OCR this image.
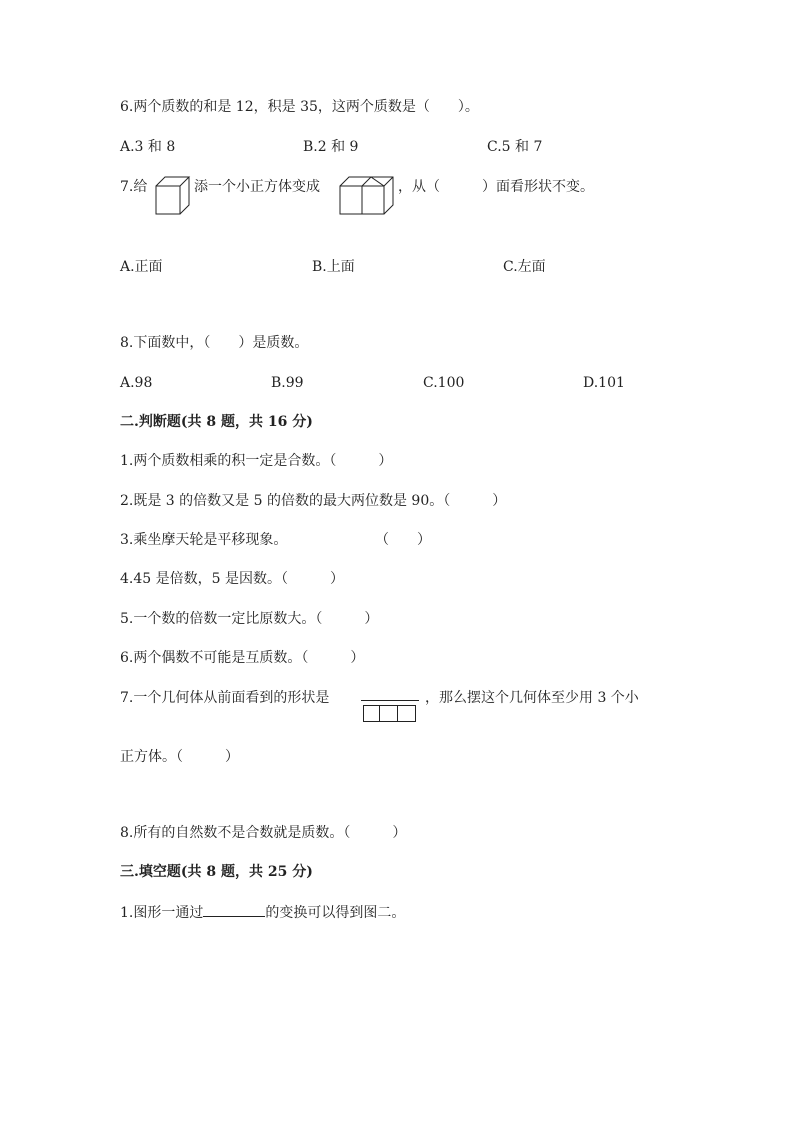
6.两个质数的和是 12，积是 35，这两个质数是（　　）。
A.3 和 8	B.2 和 9	C.5 和 7
7.给	添一个小正方体变成	，从（　　　）面看形状不变。
A.正面	B.上面	C.左面
8.下面数中，（　　）是质数。
A.98	B.99	C.100	D.101
二.判断题(共 8 题，共 16 分)
1.两个质数相乘的积一定是合数。（　　　）
2.既是 3 的倍数又是 5 的倍数的最大两位数是 90。（　　　）
3.乘坐摩天轮是平移现象。	（　　）
4.45 是倍数，5 是因数。（　　　）
5.一个数的倍数一定比原数大。（　　　）
6.两个偶数不可能是互质数。（　　　）
7.一个几何体从前面看到的形状是	，那么摆这个几何体至少用 3 个小
正方体。（　　　）
8.所有的自然数不是合数就是质数。（　　　）
三.填空题(共 8 题，共 25 分)
1.图形一通过	的变换可以得到图二。
